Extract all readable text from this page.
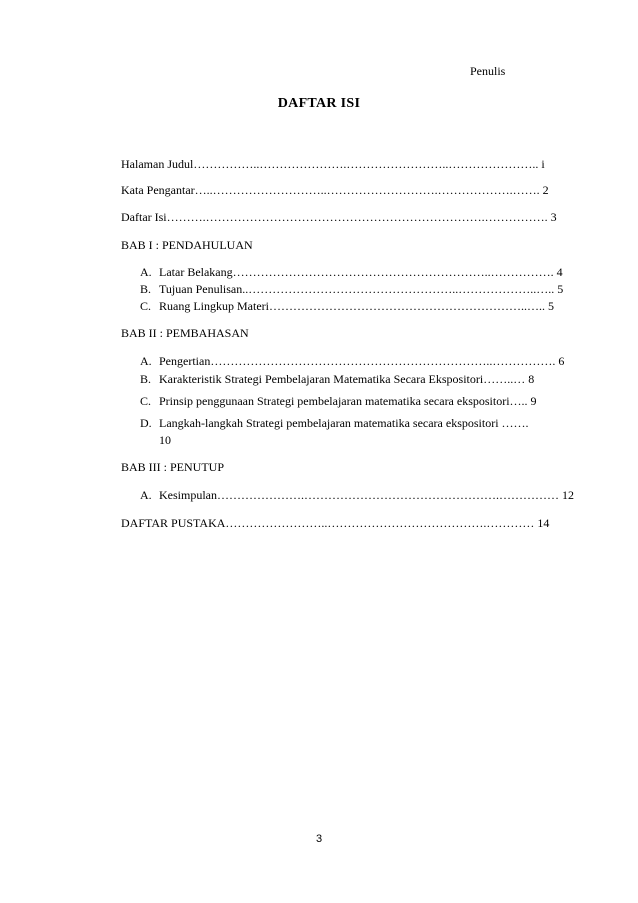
Penulis
DAFTAR ISI
Halaman Judul……………..………………….……………………..………………….. i
Kata Pengantar…..………………………..……………………….……………….……. 2
Daftar Isi……….…………………………………………………………….……………. 3
BAB I : PENDAHULUAN
A. Latar Belakang………………………………………………………..……………. 4
B. Tujuan Penulisan..……………………………………………..………………..….. 5
C. Ruang Lingkup Materi………………………………………………………..….. 5
BAB II : PEMBAHASAN
A. Pengertian……………………………………………………………..……………. 6
B. Karakteristik Strategi Pembelajaran Matematika Secara Ekspositori……..… 8
C. Prinsip penggunaan Strategi pembelajaran matematika secara ekspositori….. 9
D. Langkah-langkah Strategi pembelajaran matematika secara ekspositori …….
10
BAB III : PENUTUP
A. Kesimpulan………………….………………………………………….…………… 12
DAFTAR PUSTAKA……………………..………………………………….………… 14
3
